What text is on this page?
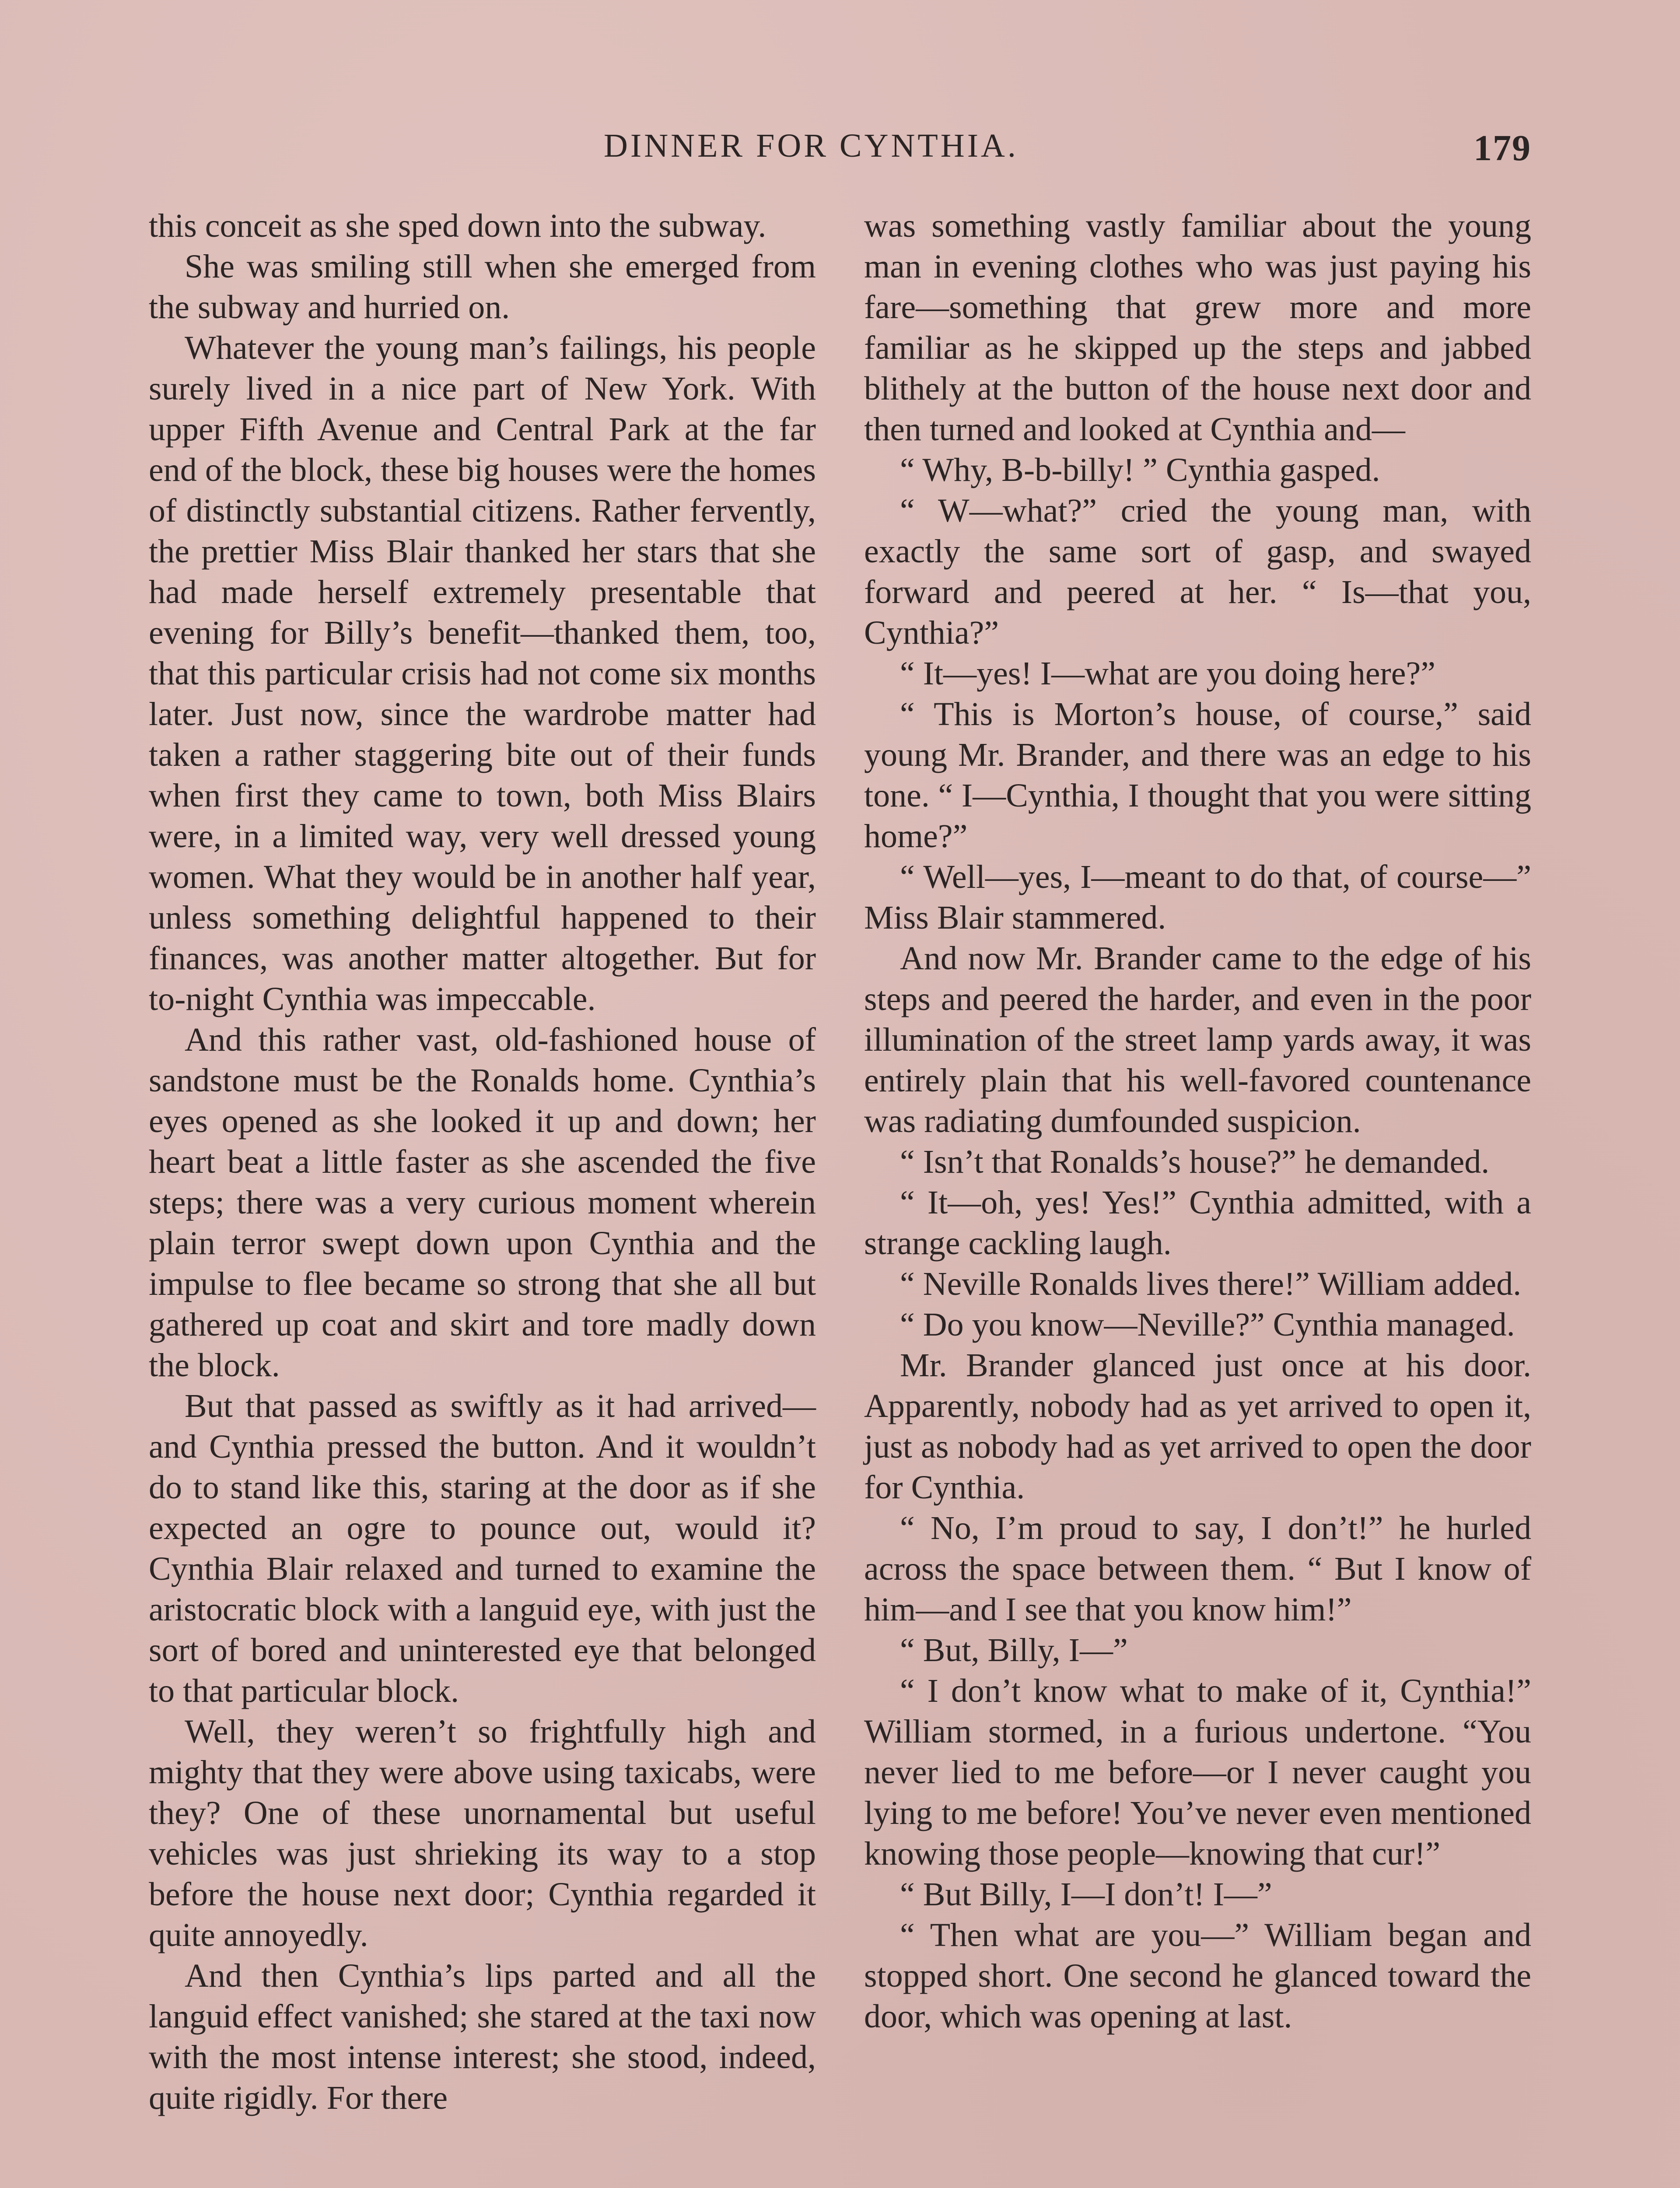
DINNER FOR CYNTHIA.	179

this conceit as she sped down into the subway.

She was smiling still when she emerged from the subway and hurried on.

Whatever the young man’s failings, his people surely lived in a nice part of New York. With upper Fifth Avenue and Central Park at the far end of the block, these big houses were the homes of distinctly substantial citizens. Rather fervently, the prettier Miss Blair thanked her stars that she had made herself extremely presentable that evening for Billy’s benefit—thanked them, too, that this particular crisis had not come six months later. Just now, since the wardrobe matter had taken a rather staggering bite out of their funds when first they came to town, both Miss Blairs were, in a limited way, very well dressed young women. What they would be in another half year, unless something delightful happened to their finances, was another matter altogether. But for to-night Cynthia was impeccable.

And this rather vast, old-fashioned house of sandstone must be the Ronalds home. Cynthia’s eyes opened as she looked it up and down; her heart beat a little faster as she ascended the five steps; there was a very curious moment wherein plain terror swept down upon Cynthia and the impulse to flee became so strong that she all but gathered up coat and skirt and tore madly down the block.

But that passed as swiftly as it had arrived—and Cynthia pressed the button. And it wouldn’t do to stand like this, staring at the door as if she expected an ogre to pounce out, would it? Cynthia Blair relaxed and turned to examine the aristocratic block with a languid eye, with just the sort of bored and uninterested eye that belonged to that particular block.

Well, they weren’t so frightfully high and mighty that they were above using taxicabs, were they? One of these unornamental but useful vehicles was just shrieking its way to a stop before the house next door; Cynthia regarded it quite annoyedly.

And then Cynthia’s lips parted and all the languid effect vanished; she stared at the taxi now with the most intense interest; she stood, indeed, quite rigidly. For there

was something vastly familiar about the young man in evening clothes who was just paying his fare—something that grew more and more familiar as he skipped up the steps and jabbed blithely at the button of the house next door and then turned and looked at Cynthia and—

“ Why, B-b-billy! ” Cynthia gasped.

“ W—what?” cried the young man, with exactly the same sort of gasp, and swayed forward and peered at her. “ Is—that you, Cynthia?”

“ It—yes! I—what are you doing here?”

“ This is Morton’s house, of course,” said young Mr. Brander, and there was an edge to his tone. “ I—Cynthia, I thought that you were sitting home?”

“ Well—yes, I—meant to do that, of course—” Miss Blair stammered.

And now Mr. Brander came to the edge of his steps and peered the harder, and even in the poor illumination of the street lamp yards away, it was entirely plain that his well-favored countenance was radiating dumfounded suspicion.

“ Isn’t that Ronalds’s house?” he demanded.

“ It—oh, yes! Yes!” Cynthia admitted, with a strange cackling laugh.

“ Neville Ronalds lives there!” William added.

“ Do you know—Neville?” Cynthia managed.

Mr. Brander glanced just once at his door. Apparently, nobody had as yet arrived to open it, just as nobody had as yet arrived to open the door for Cynthia.

“ No, I’m proud to say, I don’t!” he hurled across the space between them. “ But I know of him—and I see that you know him!”

“ But, Billy, I—”

“ I don’t know what to make of it, Cynthia!” William stormed, in a furious undertone. “You never lied to me before—or I never caught you lying to me before! You’ve never even mentioned knowing those people—knowing that cur!”

“ But Billy, I—I don’t! I—”

“ Then what are you—” William began and stopped short. One second he glanced toward the door, which was opening at last.
